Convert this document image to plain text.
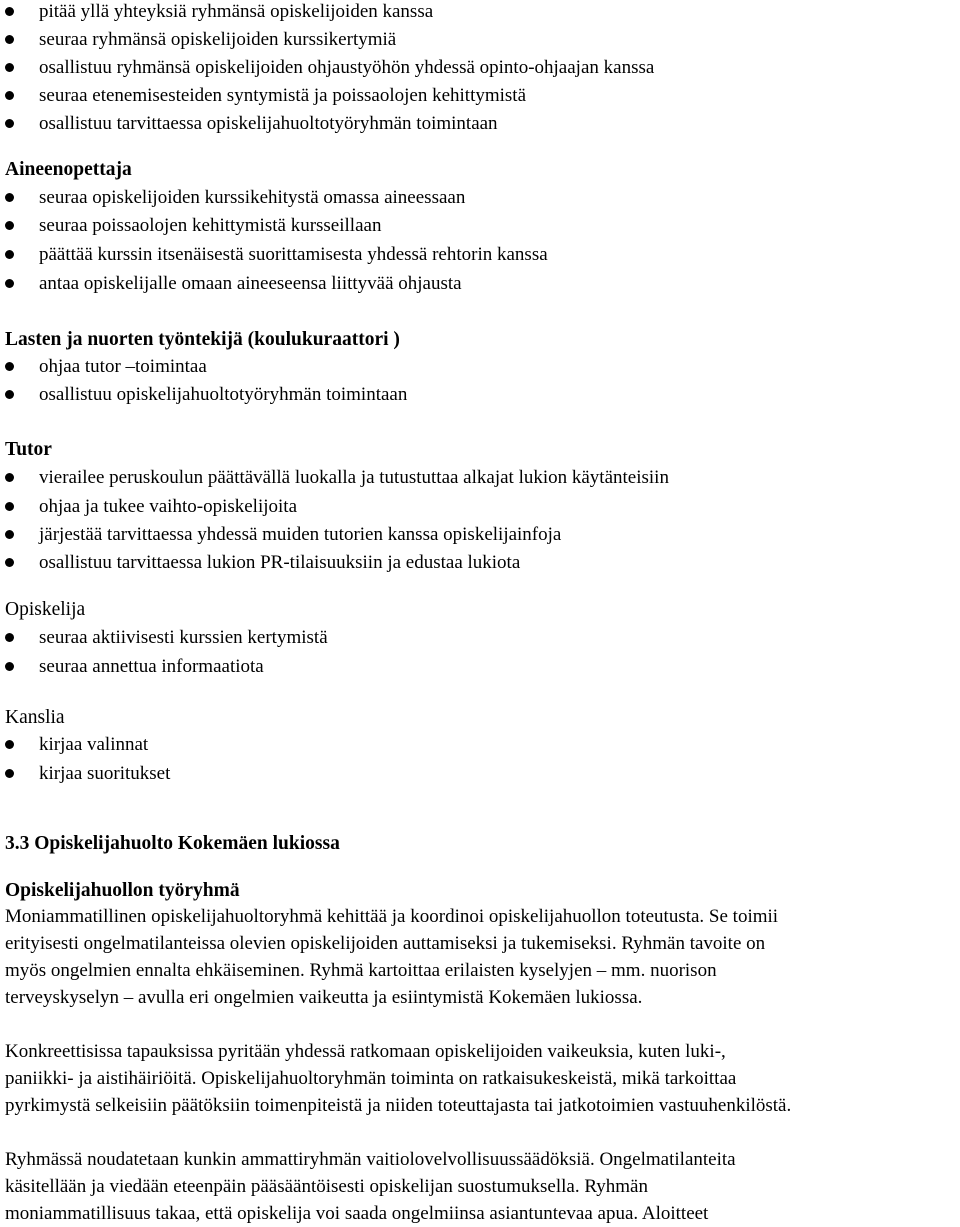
pitää yllä yhteyksiä ryhmänsä opiskelijoiden kanssa
seuraa ryhmänsä opiskelijoiden kurssikertymiä
osallistuu ryhmänsä opiskelijoiden ohjaustyöhön yhdessä opinto-ohjaajan kanssa
seuraa etenemisesteiden syntymistä ja poissaolojen kehittymistä
osallistuu tarvittaessa opiskelijahuoltotyöryhmän toimintaan
Aineenopettaja
seuraa opiskelijoiden kurssikehitystä omassa aineessaan
seuraa poissaolojen kehittymistä kursseillaan
päättää kurssin itsenäisestä suorittamisesta yhdessä rehtorin kanssa
antaa opiskelijalle omaan aineeseensa liittyvää ohjausta
Lasten ja nuorten työntekijä (koulukuraattori )
ohjaa tutor –toimintaa
osallistuu opiskelijahuoltotyöryhmän toimintaan
Tutor
vierailee peruskoulun päättävällä luokalla ja tutustuttaa alkajat lukion käytänteisiin
ohjaa ja tukee vaihto-opiskelijoita
järjestää tarvittaessa yhdessä muiden tutorien kanssa opiskelijainfoja
osallistuu tarvittaessa lukion PR-tilaisuuksiin ja edustaa lukiota
Opiskelija
seuraa aktiivisesti kurssien kertymistä
seuraa annettua informaatiota
Kanslia
kirjaa valinnat
kirjaa suoritukset
3.3 Opiskelijahuolto Kokemäen lukiossa
Opiskelijahuollon työryhmä
Moniammatillinen opiskelijahuoltoryhmä kehittää ja koordinoi opiskelijahuollon toteutusta. Se toimii
erityisesti ongelmatilanteissa olevien opiskelijoiden auttamiseksi ja tukemiseksi. Ryhmän tavoite on
myös ongelmien ennalta ehkäiseminen. Ryhmä kartoittaa erilaisten kyselyjen – mm. nuorison
terveyskyselyn – avulla eri ongelmien vaikeutta ja esiintymistä Kokemäen lukiossa.
Konkreettisissa tapauksissa pyritään yhdessä ratkomaan opiskelijoiden vaikeuksia, kuten luki-,
paniikki- ja aistihäiriöitä. Opiskelijahuoltoryhmän toiminta on ratkaisukeskeistä, mikä tarkoittaa
pyrkimystä selkeisiin päätöksiin toimenpiteistä ja niiden toteuttajasta tai jatkotoimien vastuuhenkilöstä.
Ryhmässä noudatetaan kunkin ammattiryhmän vaitiolovelvollisuussäädöksiä. Ongelmatilanteita
käsitellään ja viedään eteenpäin pääsääntöisesti opiskelijan suostumuksella. Ryhmän
moniammatillisuus takaa, että opiskelija voi saada ongelmiinsa asiantuntevaa apua. Aloitteet
